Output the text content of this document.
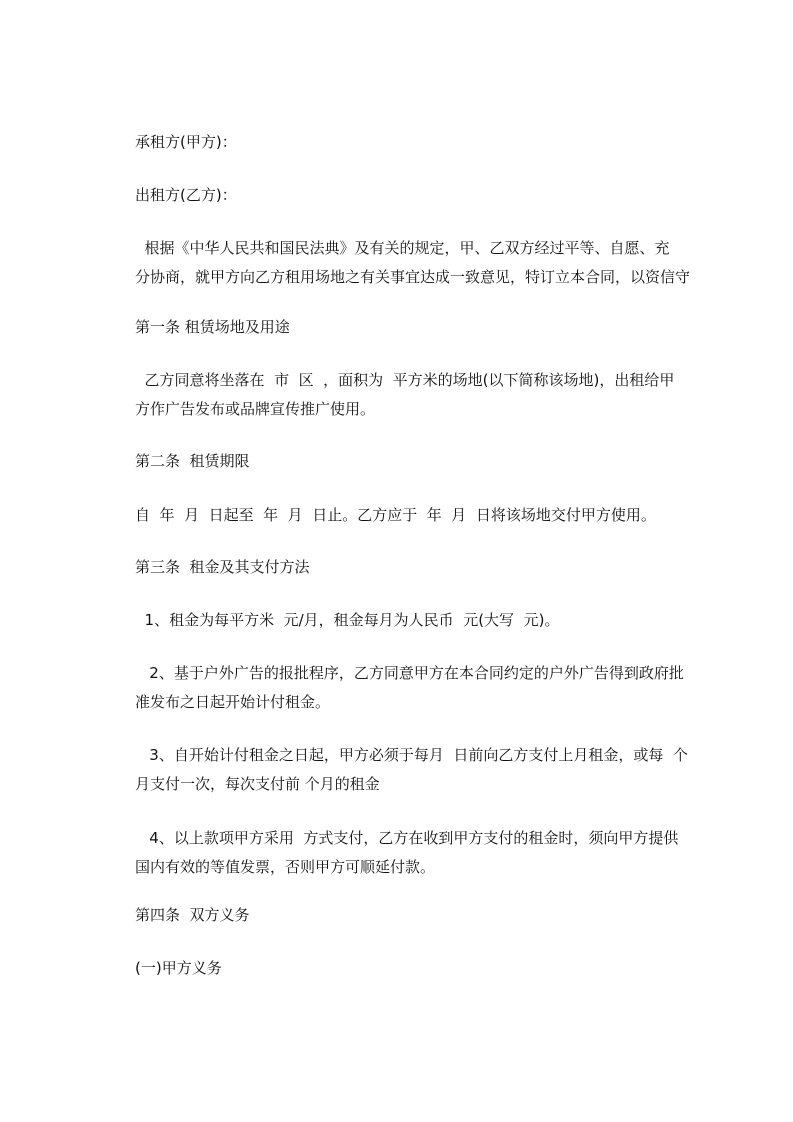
承租方(甲方)：
出租方(乙方)：
根据《中华人民共和国民法典》及有关的规定，甲、乙双方经过平等、自愿、充
分协商，就甲方向乙方租用场地之有关事宜达成一致意见，特订立本合同，以资信守
第一条 租赁场地及用途
乙方同意将坐落在  市  区  ，面积为  平方米的场地(以下简称该场地)，出租给甲
方作广告发布或品牌宣传推广使用。
第二条  租赁期限
自  年  月  日起至  年  月  日止。乙方应于  年  月  日将该场地交付甲方使用。
第三条  租金及其支付方法
1、租金为每平方米  元/月，租金每月为人民币  元(大写  元)。
2、基于户外广告的报批程序，乙方同意甲方在本合同约定的户外广告得到政府批
准发布之日起开始计付租金。
3、自开始计付租金之日起，甲方必须于每月  日前向乙方支付上月租金，或每  个
月支付一次，每次支付前 个月的租金
4、以上款项甲方采用  方式支付，乙方在收到甲方支付的租金时，须向甲方提供
国内有效的等值发票，否则甲方可顺延付款。
第四条  双方义务
(一)甲方义务
